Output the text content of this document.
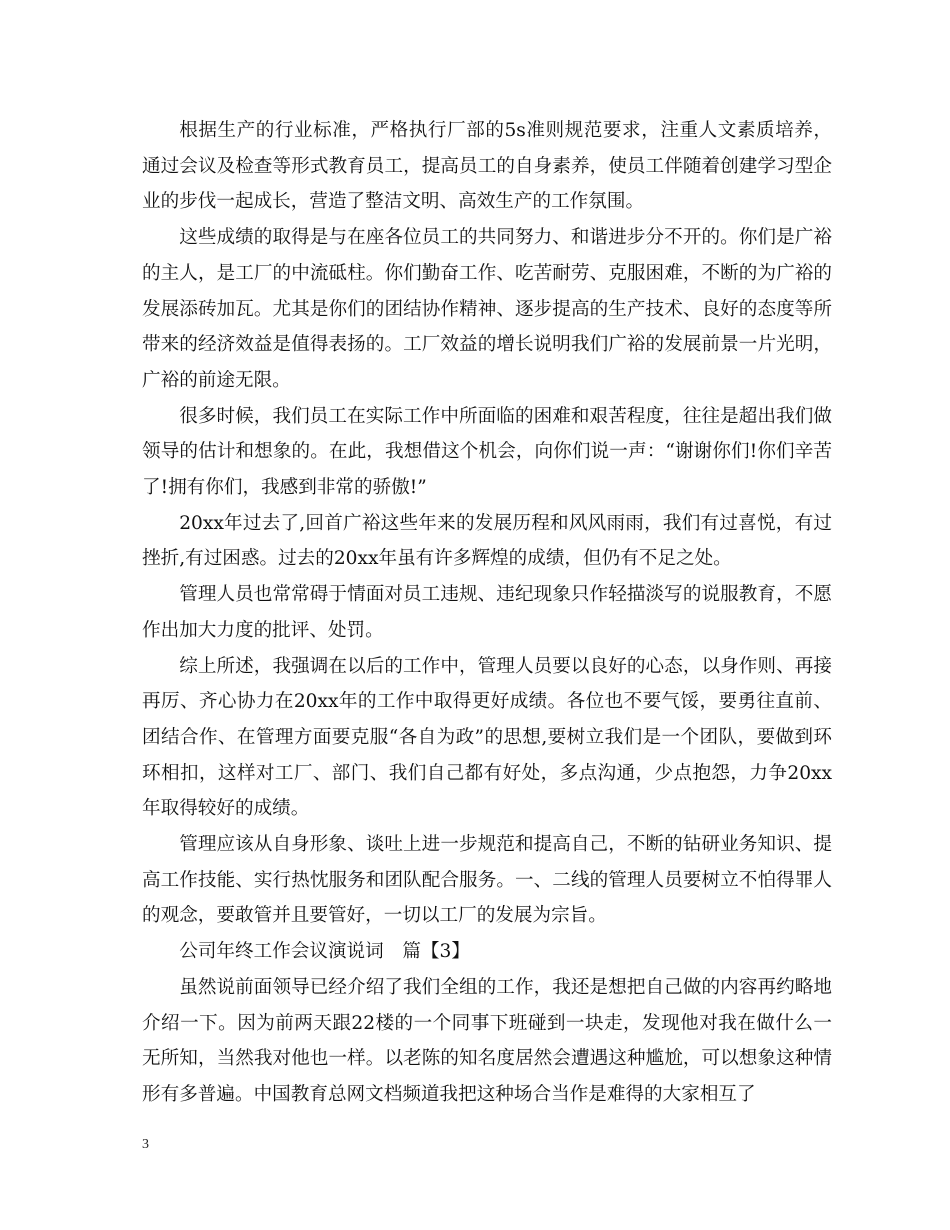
根据生产的行业标准，严格执行厂部的5s准则规范要求，注重人文素质培养，通过会议及检查等形式教育员工，提高员工的自身素养，使员工伴随着创建学习型企业的步伐一起成长，营造了整洁文明、高效生产的工作氛围。

这些成绩的取得是与在座各位员工的共同努力、和谐进步分不开的。你们是广裕的主人，是工厂的中流砥柱。你们勤奋工作、吃苦耐劳、克服困难，不断的为广裕的发展添砖加瓦。尤其是你们的团结协作精神、逐步提高的生产技术、良好的态度等所带来的经济效益是值得表扬的。工厂效益的增长说明我们广裕的发展前景一片光明，广裕的前途无限。

很多时候，我们员工在实际工作中所面临的困难和艰苦程度，往往是超出我们做领导的估计和想象的。在此，我想借这个机会，向你们说一声：“谢谢你们!你们辛苦了!拥有你们，我感到非常的骄傲!”

20xx年过去了,回首广裕这些年来的发展历程和风风雨雨，我们有过喜悦，有过挫折,有过困惑。过去的20xx年虽有许多辉煌的成绩，但仍有不足之处。

管理人员也常常碍于情面对员工违规、违纪现象只作轻描淡写的说服教育，不愿作出加大力度的批评、处罚。

综上所述，我强调在以后的工作中，管理人员要以良好的心态，以身作则、再接再厉、齐心协力在20xx年的工作中取得更好成绩。各位也不要气馁，要勇往直前、团结合作、在管理方面要克服“各自为政”的思想,要树立我们是一个团队，要做到环环相扣，这样对工厂、部门、我们自己都有好处，多点沟通，少点抱怨，力争20xx年取得较好的成绩。

管理应该从自身形象、谈吐上进一步规范和提高自己，不断的钻研业务知识、提高工作技能、实行热忱服务和团队配合服务。一、二线的管理人员要树立不怕得罪人的观念，要敢管并且要管好，一切以工厂的发展为宗旨。

公司年终工作会议演说词　篇【3】

虽然说前面领导已经介绍了我们全组的工作，我还是想把自己做的内容再约略地介绍一下。因为前两天跟22楼的一个同事下班碰到一块走，发现他对我在做什么一无所知，当然我对他也一样。以老陈的知名度居然会遭遇这种尴尬，可以想象这种情形有多普遍。中国教育总网文档频道我把这种场合当作是难得的大家相互了

3
